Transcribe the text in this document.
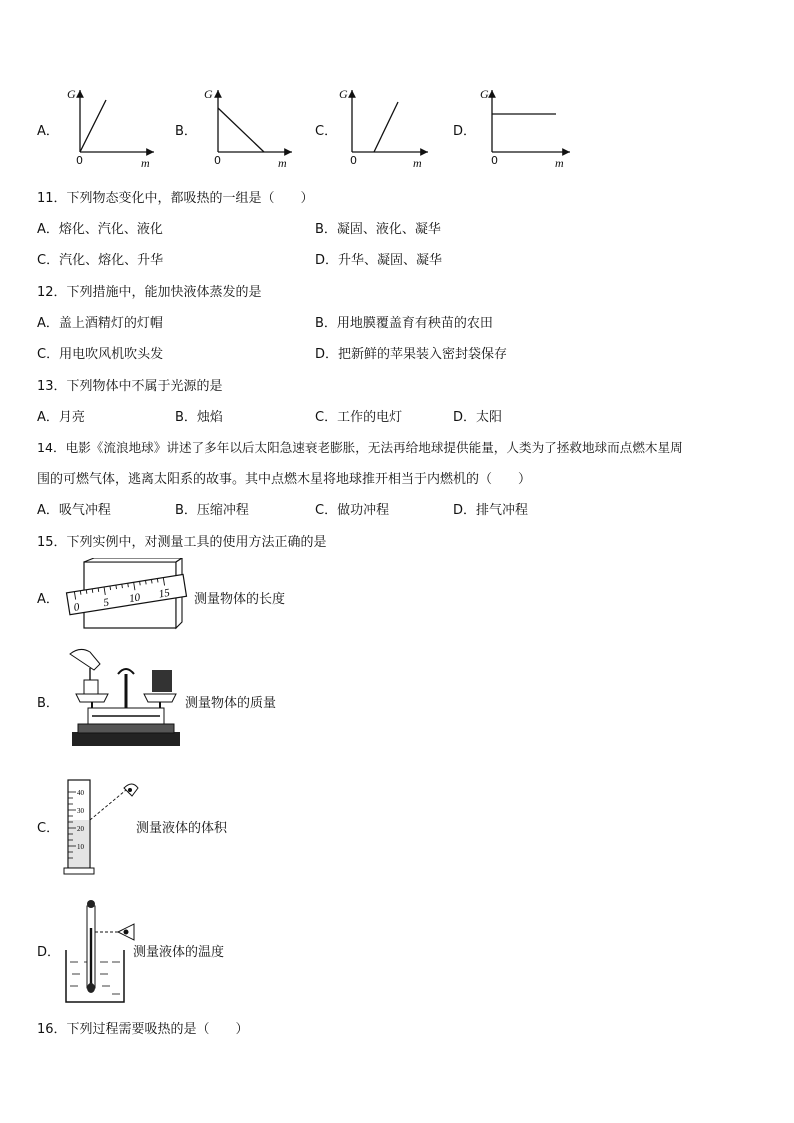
A．
G
m
0
B．
G
m
0
C．
G
m
0
D．
G
m
0
11．下列物态变化中，都吸热的一组是（　　）
A．熔化、汽化、液化	B．凝固、液化、凝华
C．汽化、熔化、升华	D．升华、凝固、凝华
12．下列措施中，能加快液体蒸发的是
A．盖上酒精灯的灯帽	B．用地膜覆盖育有秧苗的农田
C．用电吹风机吹头发	D．把新鲜的苹果装入密封袋保存
13．下列物体中不属于光源的是
A．月亮	B．烛焰	C．工作的电灯	D．太阳
14．电影《流浪地球》讲述了多年以后太阳急速衰老膨胀，无法再给地球提供能量，人类为了拯救地球而点燃木星周
围的可燃气体，逃离太阳系的故事。其中点燃木星将地球推开相当于内燃机的（　　）
A．吸气冲程	B．压缩冲程	C．做功冲程	D．排气冲程
15．下列实例中，对测量工具的使用方法正确的是
A．
0 5 10 15 测量物体的长度
B．	测量物体的质量
C．
40
30
20
10
测量液体的体积
D．	测量液体的温度
16．下列过程需要吸热的是（　　）
